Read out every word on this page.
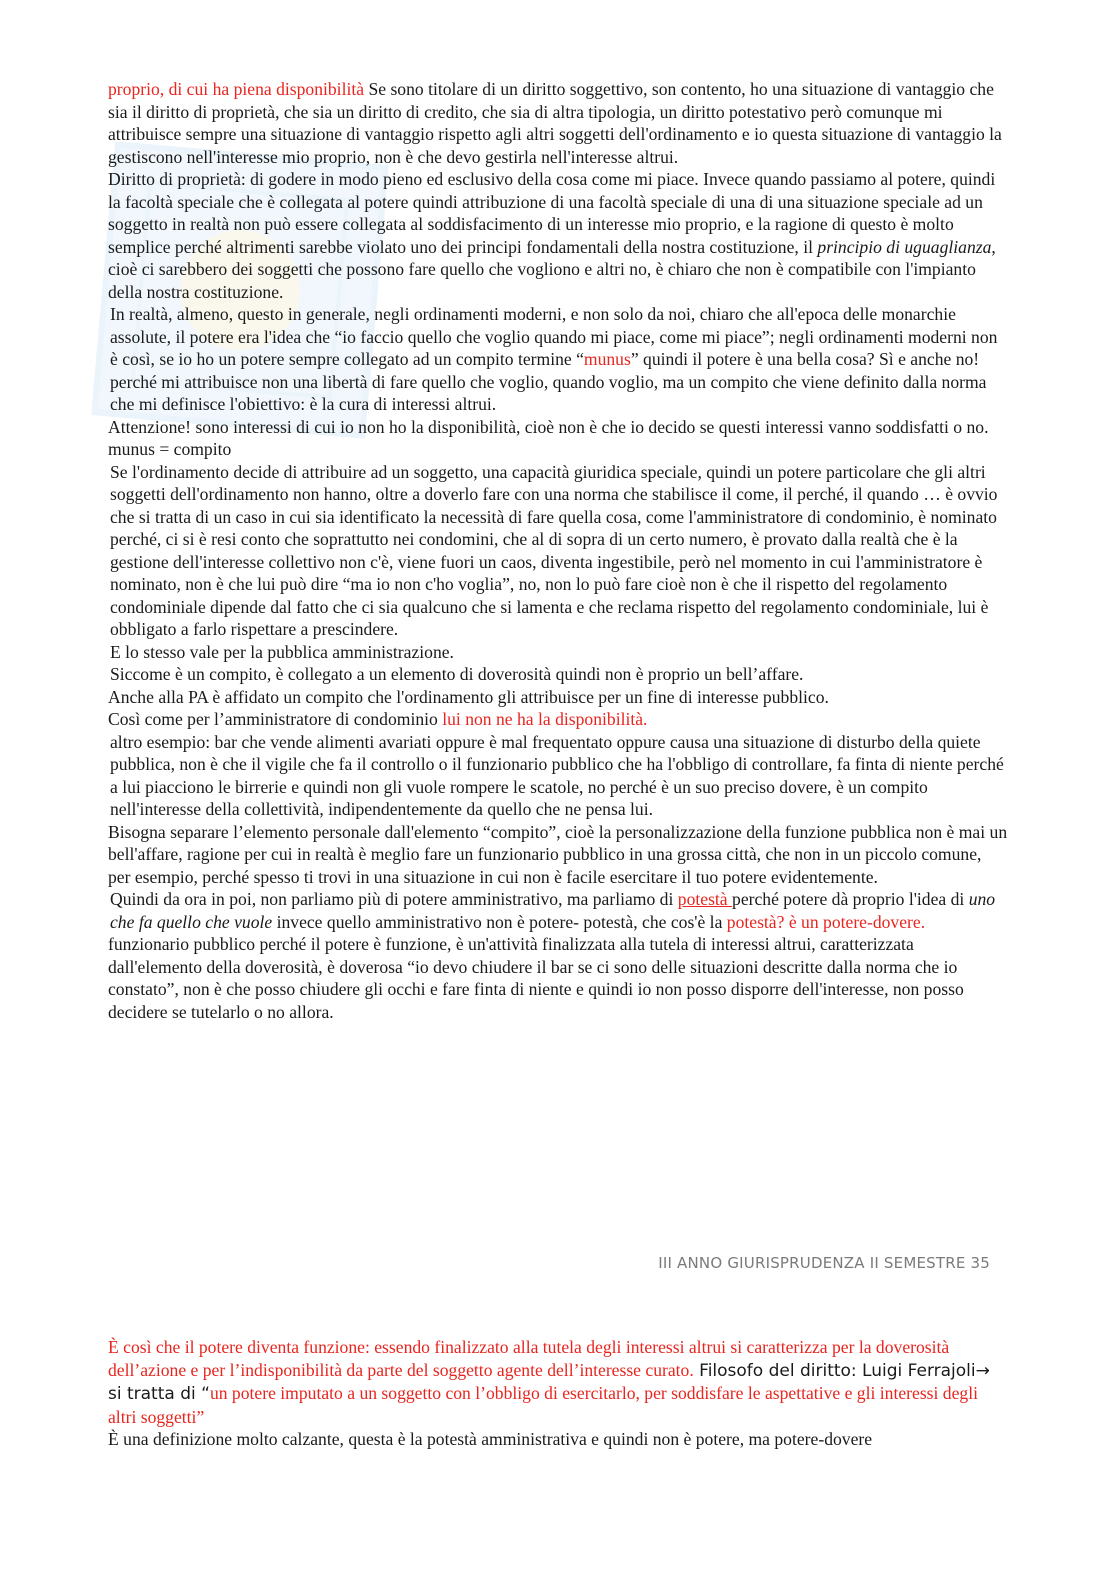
proprio, di cui ha piena disponibilità Se sono titolare di un diritto soggettivo, son contento, ho una situazione di vantaggio che sia il diritto di proprietà, che sia un diritto di credito, che sia di altra tipologia, un diritto potestativo però comunque mi attribuisce sempre una situazione di vantaggio rispetto agli altri soggetti dell'ordinamento e io questa situazione di vantaggio la gestiscono nell'interesse mio proprio, non è che devo gestirla nell'interesse altrui.

Diritto di proprietà: di godere in modo pieno ed esclusivo della cosa come mi piace. Invece quando passiamo al potere, quindi la facoltà speciale che è collegata al potere quindi attribuzione di una facoltà speciale di una di una situazione speciale ad un soggetto in realtà non può essere collegata al soddisfacimento di un interesse mio proprio, e la ragione di questo è molto semplice perché altrimenti sarebbe violato uno dei principi fondamentali della nostra costituzione, il principio di uguaglianza, cioè ci sarebbero dei soggetti che possono fare quello che vogliono e altri no, è chiaro che non è compatibile con l'impianto della nostra costituzione.

In realtà, almeno, questo in generale, negli ordinamenti moderni, e non solo da noi, chiaro che all'epoca delle monarchie assolute, il potere era l'idea che “io faccio quello che voglio quando mi piace, come mi piace”; negli ordinamenti moderni non è così, se io ho un potere sempre collegato ad un compito termine “munus” quindi il potere è una bella cosa? Sì e anche no! perché mi attribuisce non una libertà di fare quello che voglio, quando voglio, ma un compito che viene definito dalla norma che mi definisce l'obiettivo: è la cura di interessi altrui.

Attenzione! sono interessi di cui io non ho la disponibilità, cioè non è che io decido se questi interessi vanno soddisfatti o no.

munus = compito

Se l'ordinamento decide di attribuire ad un soggetto, una capacità giuridica speciale, quindi un potere particolare che gli altri soggetti dell'ordinamento non hanno, oltre a doverlo fare con una norma che stabilisce il come, il perché, il quando … è ovvio che si tratta di un caso in cui sia identificato la necessità di fare quella cosa, come l'amministratore di condominio, è nominato perché, ci si è resi conto che soprattutto nei condomini, che al di sopra di un certo numero, è provato dalla realtà che è la gestione dell'interesse collettivo non c'è, viene fuori un caos, diventa ingestibile, però nel momento in cui l'amministratore è nominato, non è che lui può dire “ma io non c'ho voglia”, no, non lo può fare cioè non è che il rispetto del regolamento condominiale dipende dal fatto che ci sia qualcuno che si lamenta e che reclama rispetto del regolamento condominiale, lui è obbligato a farlo rispettare a prescindere.

E lo stesso vale per la pubblica amministrazione.

Siccome è un compito, è collegato a un elemento di doverosità quindi non è proprio un bell’affare.

Anche alla PA è affidato un compito che l'ordinamento gli attribuisce per un fine di interesse pubblico.

Così come per l’amministratore di condominio lui non ne ha la disponibilità.

altro esempio: bar che vende alimenti avariati oppure è mal frequentato oppure causa una situazione di disturbo della quiete pubblica, non è che il vigile che fa il controllo o il funzionario pubblico che ha l'obbligo di controllare, fa finta di niente perché a lui piacciono le birrerie e quindi non gli vuole rompere le scatole, no perché è un suo preciso dovere, è un compito nell'interesse della collettività, indipendentemente da quello che ne pensa lui.

Bisogna separare l’elemento personale dall'elemento “compito”, cioè la personalizzazione della funzione pubblica non è mai un bell'affare, ragione per cui in realtà è meglio fare un funzionario pubblico in una grossa città, che non in un piccolo comune, per esempio, perché spesso ti trovi in una situazione in cui non è facile esercitare il tuo potere evidentemente.

Quindi da ora in poi, non parliamo più di potere amministrativo, ma parliamo di potestà perché potere dà proprio l'idea di uno che fa quello che vuole invece quello amministrativo non è potere- potestà, che cos'è la potestà? è un potere-dovere.

funzionario pubblico perché il potere è funzione, è un'attività finalizzata alla tutela di interessi altrui, caratterizzata dall'elemento della doverosità, è doverosa “io devo chiudere il bar se ci sono delle situazioni descritte dalla norma che io constato”, non è che posso chiudere gli occhi e fare finta di niente e quindi io non posso disporre dell'interesse, non posso decidere se tutelarlo o no allora.

III ANNO GIURISPRUDENZA II SEMESTRE 35

È così che il potere diventa funzione: essendo finalizzato alla tutela degli interessi altrui si caratterizza per la doverosità dell’azione e per l’indisponibilità da parte del soggetto agente dell’interesse curato. Filosofo del diritto: Luigi Ferrajoli→ si tratta di “un potere imputato a un soggetto con l’obbligo di esercitarlo, per soddisfare le aspettative e gli interessi degli altri soggetti”

È una definizione molto calzante, questa è la potestà amministrativa e quindi non è potere, ma potere-dovere
